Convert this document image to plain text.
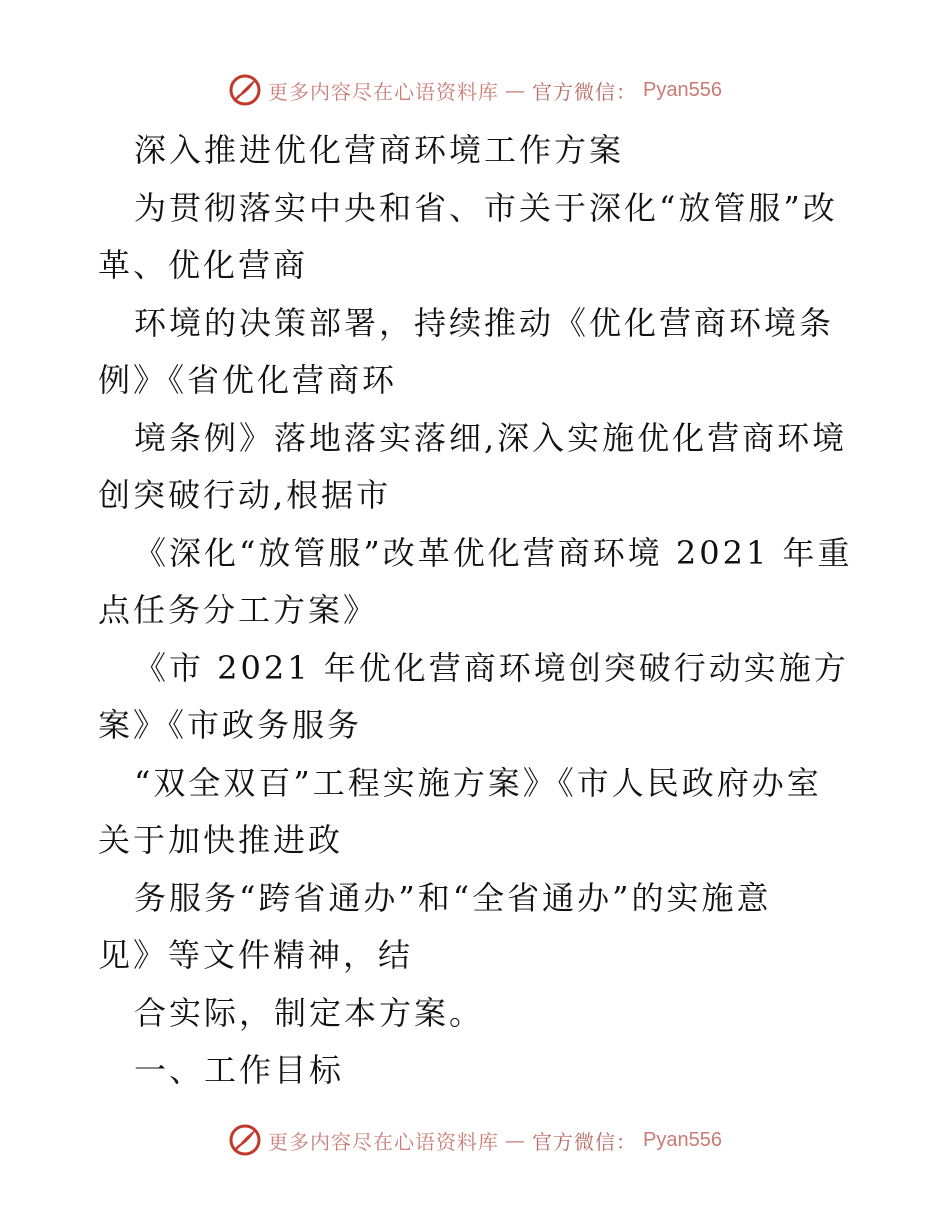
更多内容尽在心语资料库 — 官方微信： Pyan556
深入推进优化营商环境工作方案
为贯彻落实中央和省、市关于深化“放管服”改
革、优化营商
环境的决策部署，持续推动《优化营商环境条
例》《省优化营商环
境条例》落地落实落细,深入实施优化营商环境
创突破行动,根据市
《深化“放管服”改革优化营商环境 2021 年重
点任务分工方案》
《市 2021 年优化营商环境创突破行动实施方
案》《市政务服务
“双全双百”工程实施方案》《市人民政府办室
关于加快推进政
务服务“跨省通办”和“全省通办”的实施意
见》等文件精神，结
合实际，制定本方案。
一、工作目标
更多内容尽在心语资料库 — 官方微信： Pyan556
